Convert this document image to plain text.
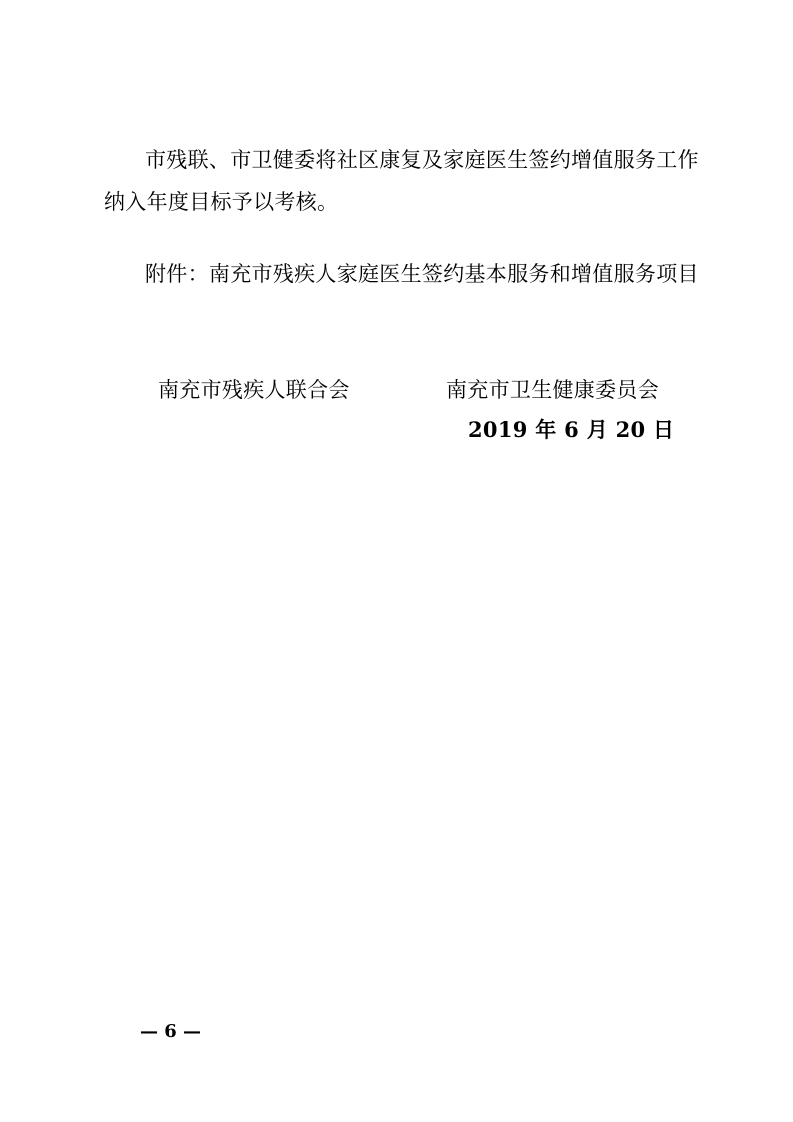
市残联、市卫健委将社区康复及家庭医生签约增值服务工作
纳入年度目标予以考核。
附件：南充市残疾人家庭医生签约基本服务和增值服务项目
南充市残疾人联合会	南充市卫生健康委员会
2019 年 6 月 20 日
— 6 —
